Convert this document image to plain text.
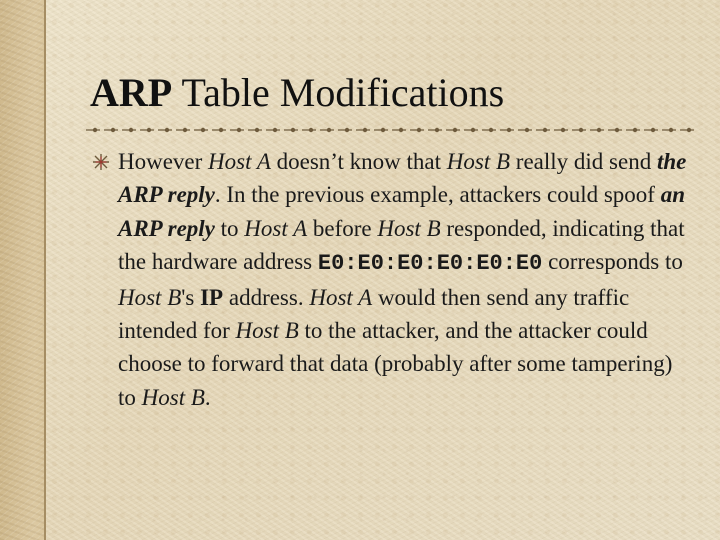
ARP Table Modifications

However Host A doesn’t know that Host B really did send the ARP reply. In the previous example, attackers could spoof an ARP reply to Host A before Host B responded, indicating that the hardware address E0:E0:E0:E0:E0:E0 corresponds to Host B's IP address. Host A would then send any traffic intended for Host B to the attacker, and the attacker could choose to forward that data (probably after some tampering) to Host B.
